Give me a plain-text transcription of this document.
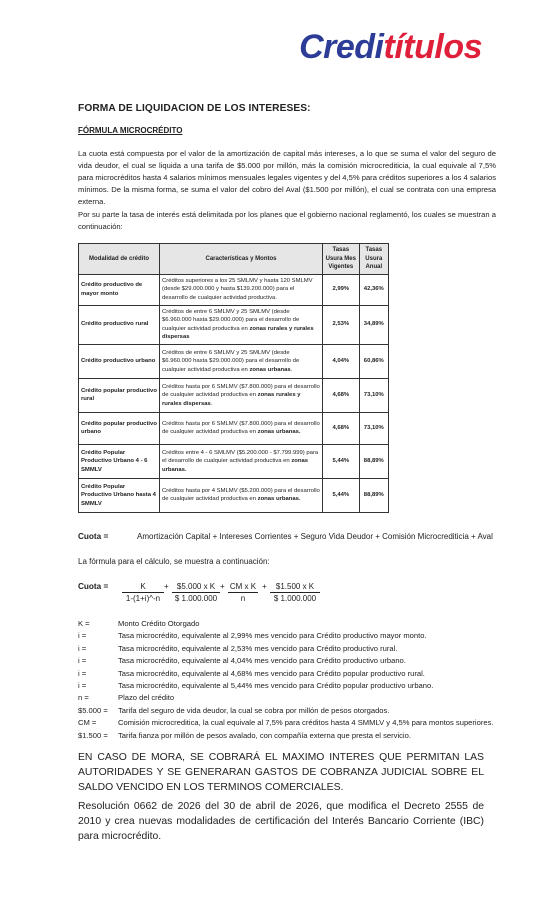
Creditítulos
FORMA DE LIQUIDACION DE LOS INTERESES:
FÓRMULA MICROCRÉDITO
La cuota está compuesta por el valor de la amortización de capital más intereses, a lo que se suma el valor del seguro de vida deudor, el cual se liquida a una tarifa de $5.000 por millón, más la comisión microcrediticia, la cual equivale al 7,5% para microcréditos hasta 4 salarios mínimos mensuales legales vigentes y del 4,5% para créditos superiores a los 4 salarios mínimos. De la misma forma, se suma el valor del cobro del Aval ($1.500 por millón), el cual se contrata con una empresa externa.
Por su parte la tasa de interés está delimitada por los planes que el gobierno nacional reglamentó, los cuales se muestran a continuación:
Modalidad de crédito	Características y Montos	Tasas Usura Mes Vigentes	Tasas Usura Anual
Crédito productivo de mayor monto	Créditos superiores a los 25 SMLMV y hasta 120 SMLMV (desde $29.000.000 y hasta $139.200.000) para el desarrollo de cualquier actividad productiva.	2,99%	42,36%
Crédito productivo rural	Créditos de entre 6 SMLMV y 25 SMLMV (desde $6.960.000 hasta $29.000.000) para el desarrollo de cualquier actividad productiva en zonas rurales y rurales dispersas	2,53%	34,89%
Crédito productivo urbano	Créditos de entre 6 SMLMV y 25 SMLMV (desde $6.960.000 hasta $29.000.000) para el desarrollo de cualquier actividad productiva en zonas urbanas.	4,04%	60,86%
Crédito popular productivo rural	Créditos hasta por 6 SMLMV ($7.800.000) para el desarrollo de cualquier actividad productiva en zonas rurales y rurales dispersas.	4,68%	73,10%
Crédito popular productivo urbano	Créditos hasta por 6 SMLMV ($7.800.000) para el desarrollo de cualquier actividad productiva en zonas urbanas.	4,68%	73,10%
Crédito Popular Productivo Urbano 4 - 6 SMMLV	Créditos entre 4 - 6 SMLMV ($5.200.000 - $7.799.999) para el desarrollo de cualquier actividad productiva en zonas urbanas.	5,44%	88,89%
Crédito Popular Productivo Urbano hasta 4 SMMLV	Créditos hasta por 4 SMLMV ($5.200.000) para el desarrollo de cualquier actividad productiva en zonas urbanas.	5,44%	88,89%
Cuota =	Amortización Capital + Intereses Corrientes + Seguro Vida Deudor + Comisión Microcrediticia + Aval
La fórmula para el cálculo, se muestra a continuación:
Cuota = $\frac{K}{1-(1+i)\^{}-n} + \frac{\text{\$5.000 x K}}{\$ 1.000.000} + \frac{\text{CM x K}}{n} + \frac{\text{\$1.500 x K}}{\$ 1.000.000}$
K =	Monto Crédito Otorgado
i =	Tasa microcrédito, equivalente al 2,99% mes vencido para Crédito productivo mayor monto.
i =	Tasa microcrédito, equivalente al 2,53% mes vencido para Crédito productivo rural.
i =	Tasa microcrédito, equivalente al 4,04% mes vencido para Crédito productivo urbano.
i =	Tasa microcrédito, equivalente al 4,68% mes vencido para Crédito popular productivo rural.
i =	Tasa microcrédito, equivalente al 5,44% mes vencido para Crédito popular productivo urbano.
n =	Plazo del crédito
$5.000 =	Tarifa del seguro de vida deudor, la cual se cobra por millón de pesos otorgados.
CM =	Comisión microcreditica, la cual equivale al 7,5% para créditos hasta 4 SMMLV y 4,5% para montos superiores.
$1.500 =	Tarifa fianza por millón de pesos avalado, con compañía externa que presta el servicio.
EN CASO DE MORA, SE COBRARÁ EL MAXIMO INTERES QUE PERMITAN LAS AUTORIDADES Y SE GENERARAN GASTOS DE COBRANZA JUDICIAL SOBRE EL SALDO VENCIDO EN LOS TERMINOS COMERCIALES.
Resolución 0662 de 2026 del 30 de abril de 2026, que modifica el Decreto 2555 de 2010 y crea nuevas modalidades de certificación del Interés Bancario Corriente (IBC) para microcrédito.
